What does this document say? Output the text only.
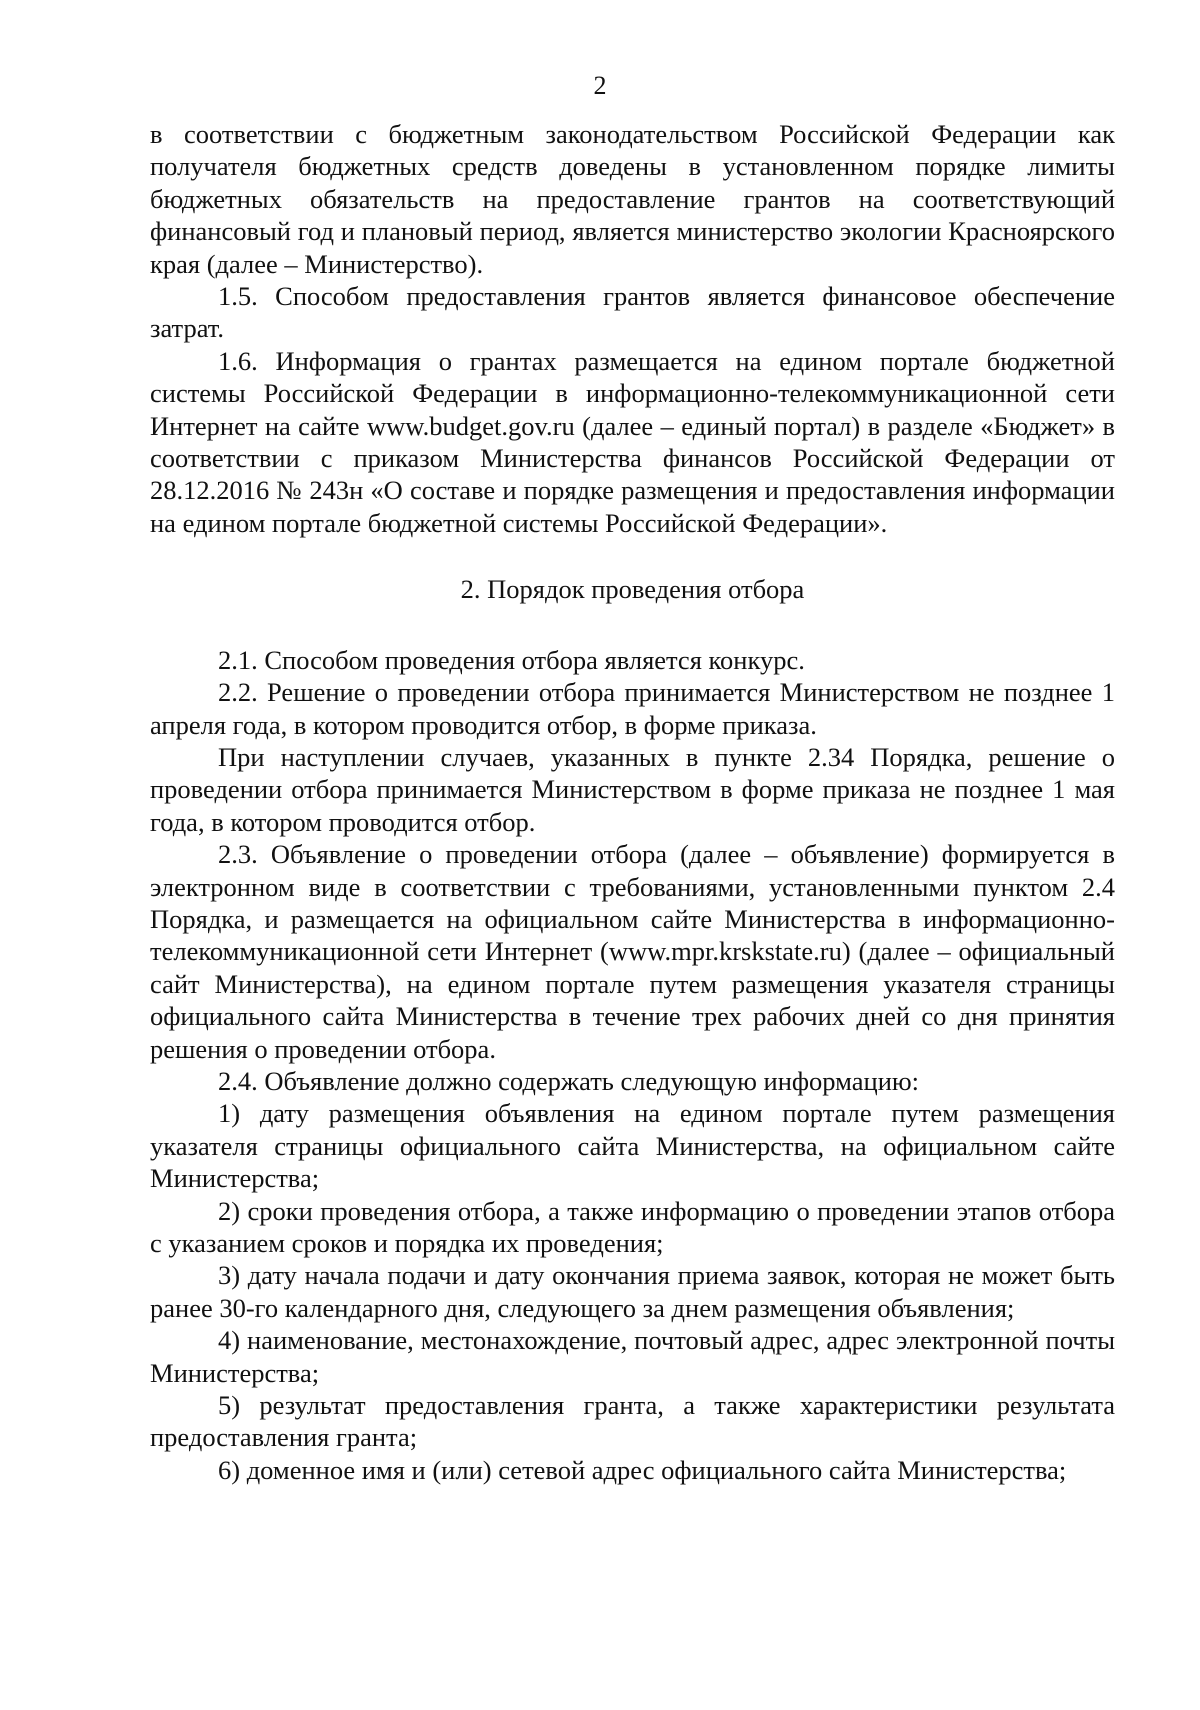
2

в соответствии с бюджетным законодательством Российской Федерации как получателя бюджетных средств доведены в установленном порядке лимиты бюджетных обязательств на предоставление грантов на соответствующий финансовый год и плановый период, является министерство экологии Красноярского края (далее – Министерство).

1.5. Способом предоставления грантов является финансовое обеспечение затрат.

1.6. Информация о грантах размещается на едином портале бюджетной системы Российской Федерации в информационно-телекоммуникационной сети Интернет на сайте www.budget.gov.ru (далее – единый портал) в разделе «Бюджет» в соответствии с приказом Министерства финансов Российской Федерации от 28.12.2016 № 243н «О составе и порядке размещения и предоставления информации на едином портале бюджетной системы Российской Федерации».

2. Порядок проведения отбора

2.1. Способом проведения отбора является конкурс.

2.2. Решение о проведении отбора принимается Министерством не позднее 1 апреля года, в котором проводится отбор, в форме приказа.

При наступлении случаев, указанных в пункте 2.34 Порядка, решение о проведении отбора принимается Министерством в форме приказа не позднее 1 мая года, в котором проводится отбор.

2.3. Объявление о проведении отбора (далее – объявление) формируется в электронном виде в соответствии с требованиями, установленными пунктом 2.4 Порядка, и размещается на официальном сайте Министерства в информационно-телекоммуникационной сети Интернет (www.mpr.krskstate.ru) (далее – официальный сайт Министерства), на едином портале путем размещения указателя страницы официального сайта Министерства в течение трех рабочих дней со дня принятия решения о проведении отбора.

2.4. Объявление должно содержать следующую информацию:

1) дату размещения объявления на едином портале путем размещения указателя страницы официального сайта Министерства, на официальном сайте Министерства;

2) сроки проведения отбора, а также информацию о проведении этапов отбора с указанием сроков и порядка их проведения;

3) дату начала подачи и дату окончания приема заявок, которая не может быть ранее 30-го календарного дня, следующего за днем размещения объявления;

4) наименование, местонахождение, почтовый адрес, адрес электронной почты Министерства;

5) результат предоставления гранта, а также характеристики результата предоставления гранта;

6) доменное имя и (или) сетевой адрес официального сайта Министерства;
